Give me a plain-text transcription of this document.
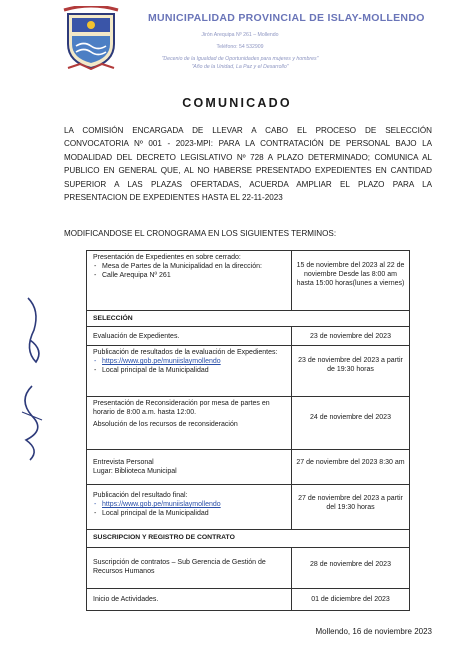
MUNICIPALIDAD PROVINCIAL DE ISLAY-MOLLENDO
Jirón Arequipa Nº 261 – Mollendo
Teléfono: 54 532909
"Decenio de la Igualdad de Oportunidades para mujeres y hombres"
"Año de la Unidad, La Paz y el Desarrollo"
COMUNICADO
LA COMISIÓN ENCARGADA DE LLEVAR A CABO EL PROCESO DE SELECCIÓN CONVOCATORIA Nº 001 - 2023-MPI: PARA LA CONTRATACIÓN DE PERSONAL BAJO LA MODALIDAD DEL DECRETO LEGISLATIVO Nº 728 A PLAZO DETERMINADO; COMUNICA AL PUBLICO EN GENERAL QUE, AL NO HABERSE PRESENTADO EXPEDIENTES EN CANTIDAD SUPERIOR A LAS PLAZAS OFERTADAS, ACUERDA AMPLIAR EL PLAZO PARA LA PRESENTACION DE EXPEDIENTES HASTA EL 22-11-2023
MODIFICANDOSE EL CRONOGRAMA EN LOS SIGUIENTES TERMINOS:
Presentación de Expedientes en sobre cerrado:
- Mesa de Partes de la Municipalidad en la dirección:
- Calle Arequipa Nº 261
15 de noviembre del 2023 al 22 de noviembre Desde las 8:00 am hasta 15:00 horas(lunes a viernes)
SELECCIÓN
Evaluación de Expedientes.	23 de noviembre del 2023
Publicación de resultados de la evaluación de Expedientes:
- https://www.gob.pe/muniislaymollendo
- Local principal de la Municipalidad
23 de noviembre del 2023 a partir de 19:30 horas
Presentación de Reconsideración por mesa de partes en horario de 8:00 a.m. hasta 12:00.
Absolución de los recursos de reconsideración
24 de noviembre del 2023
Entrevista Personal
Lugar: Biblioteca Municipal
27 de noviembre del 2023 8:30 am
Publicación del resultado final:
- https://www.gob.pe/muniislaymollendo
- Local principal de la Municipalidad
27 de noviembre del 2023 a partir del 19:30 horas
SUSCRIPCION Y REGISTRO DE CONTRATO
Suscripción de contratos – Sub Gerencia de Gestión de Recursos Humanos
28 de noviembre del 2023
Inicio de Actividades.	01 de diciembre del 2023
Mollendo, 16 de noviembre 2023
